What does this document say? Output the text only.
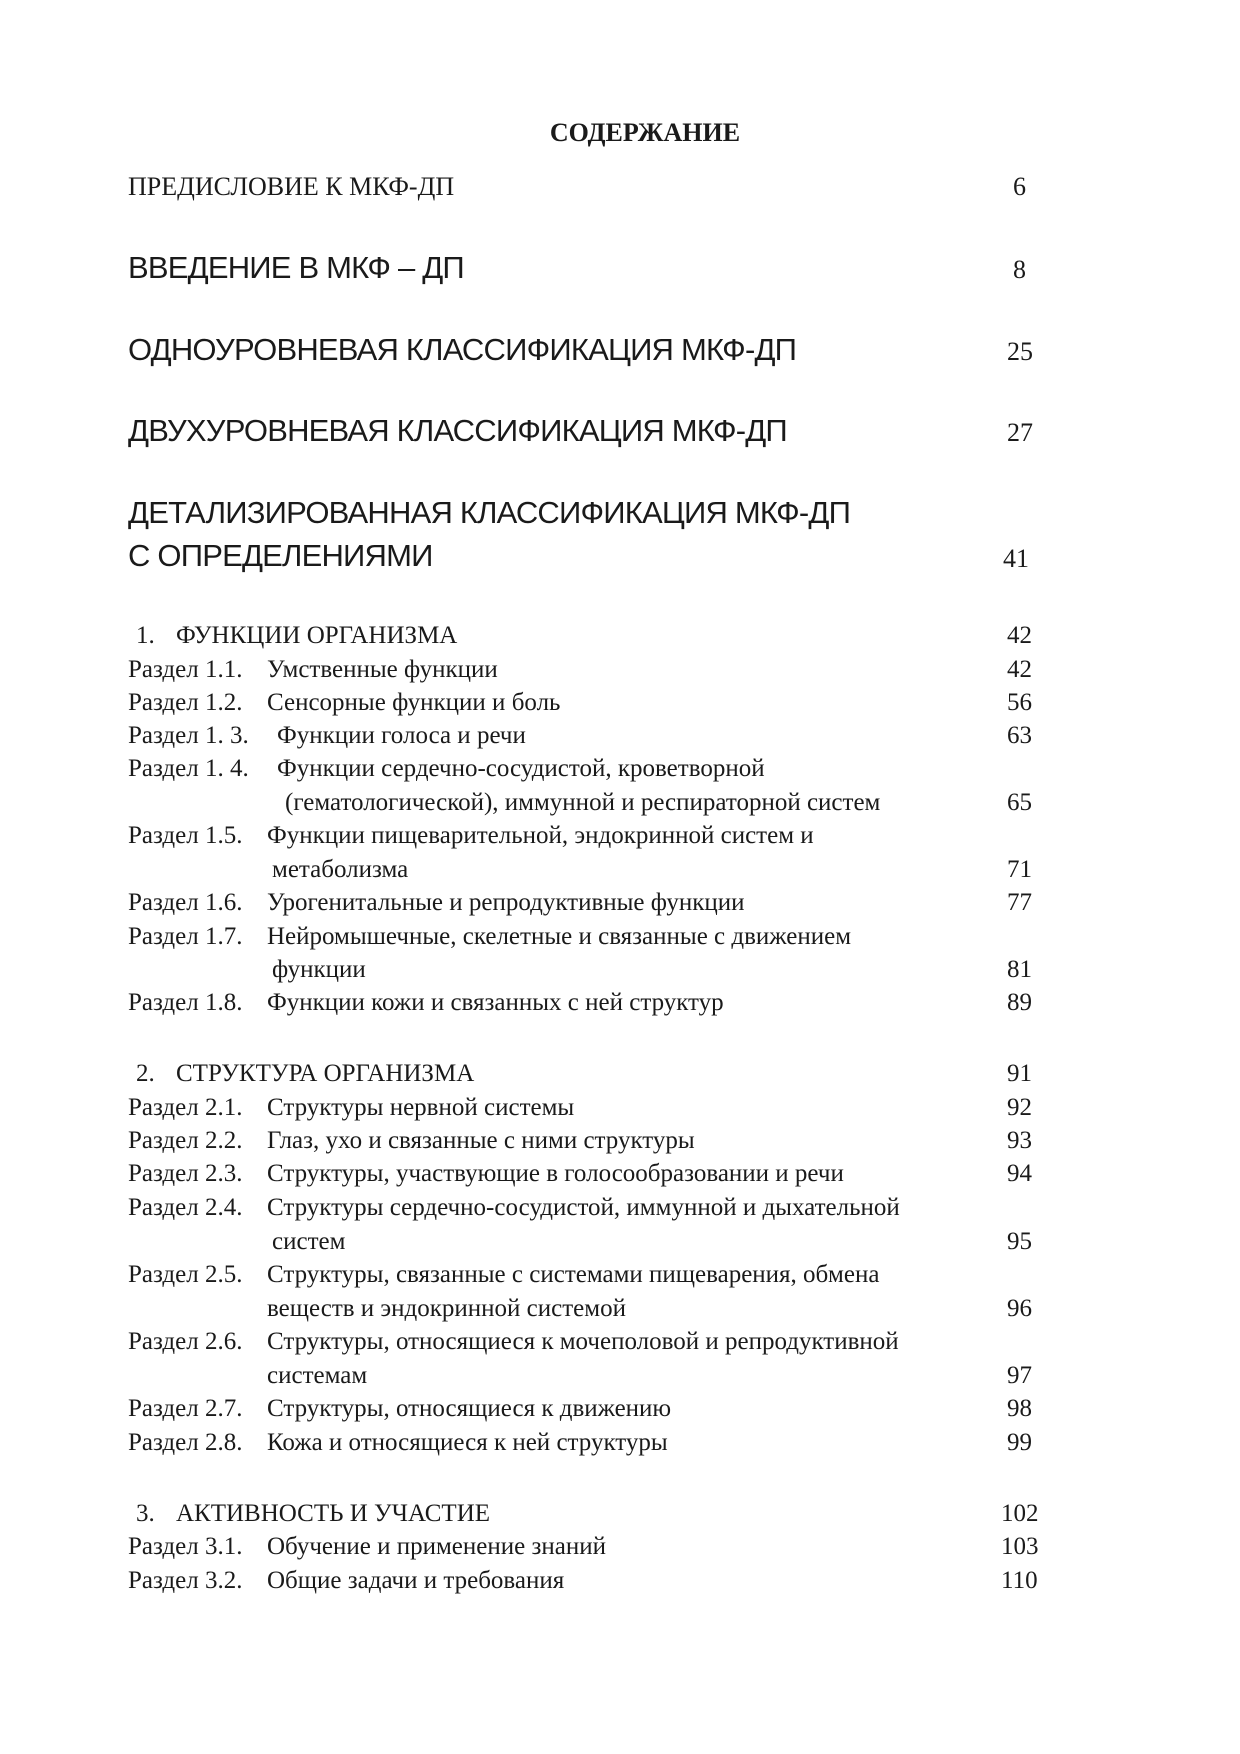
СОДЕРЖАНИЕ
ПРЕДИСЛОВИЕ К МКФ-ДП	6
ВВЕДЕНИЕ В МКФ – ДП	8
ОДНОУРОВНЕВАЯ КЛАССИФИКАЦИЯ МКФ-ДП	25
ДВУХУРОВНЕВАЯ КЛАССИФИКАЦИЯ МКФ-ДП	27
ДЕТАЛИЗИРОВАННАЯ КЛАССИФИКАЦИЯ МКФ-ДП
С ОПРЕДЕЛЕНИЯМИ	41
1. ФУНКЦИИ ОРГАНИЗМА	42
Раздел 1.1. Умственные функции	42
Раздел 1.2. Сенсорные функции и боль	56
Раздел 1. 3. Функции голоса и речи	63
Раздел 1. 4. Функции сердечно-сосудистой, кроветворной
(гематологической), иммунной и респираторной систем	65
Раздел 1.5. Функции пищеварительной, эндокринной систем и
метаболизма	71
Раздел 1.6. Урогенитальные и репродуктивные функции	77
Раздел 1.7. Нейромышечные, скелетные и связанные с движением
функции	81
Раздел 1.8. Функции кожи и связанных с ней структур	89
2. СТРУКТУРА ОРГАНИЗМА	91
Раздел 2.1. Структуры нервной системы	92
Раздел 2.2. Глаз, ухо и связанные с ними структуры	93
Раздел 2.3. Структуры, участвующие в голосообразовании и речи	94
Раздел 2.4. Структуры сердечно-сосудистой, иммунной и дыхательной
систем	95
Раздел 2.5. Структуры, связанные с системами пищеварения, обмена
веществ и эндокринной системой	96
Раздел 2.6. Структуры, относящиеся к мочеполовой и репродуктивной
системам	97
Раздел 2.7. Структуры, относящиеся к движению	98
Раздел 2.8. Кожа и относящиеся к ней структуры	99
3. АКТИВНОСТЬ И УЧАСТИЕ	102
Раздел 3.1. Обучение и применение знаний	103
Раздел 3.2. Общие задачи и требования	110
